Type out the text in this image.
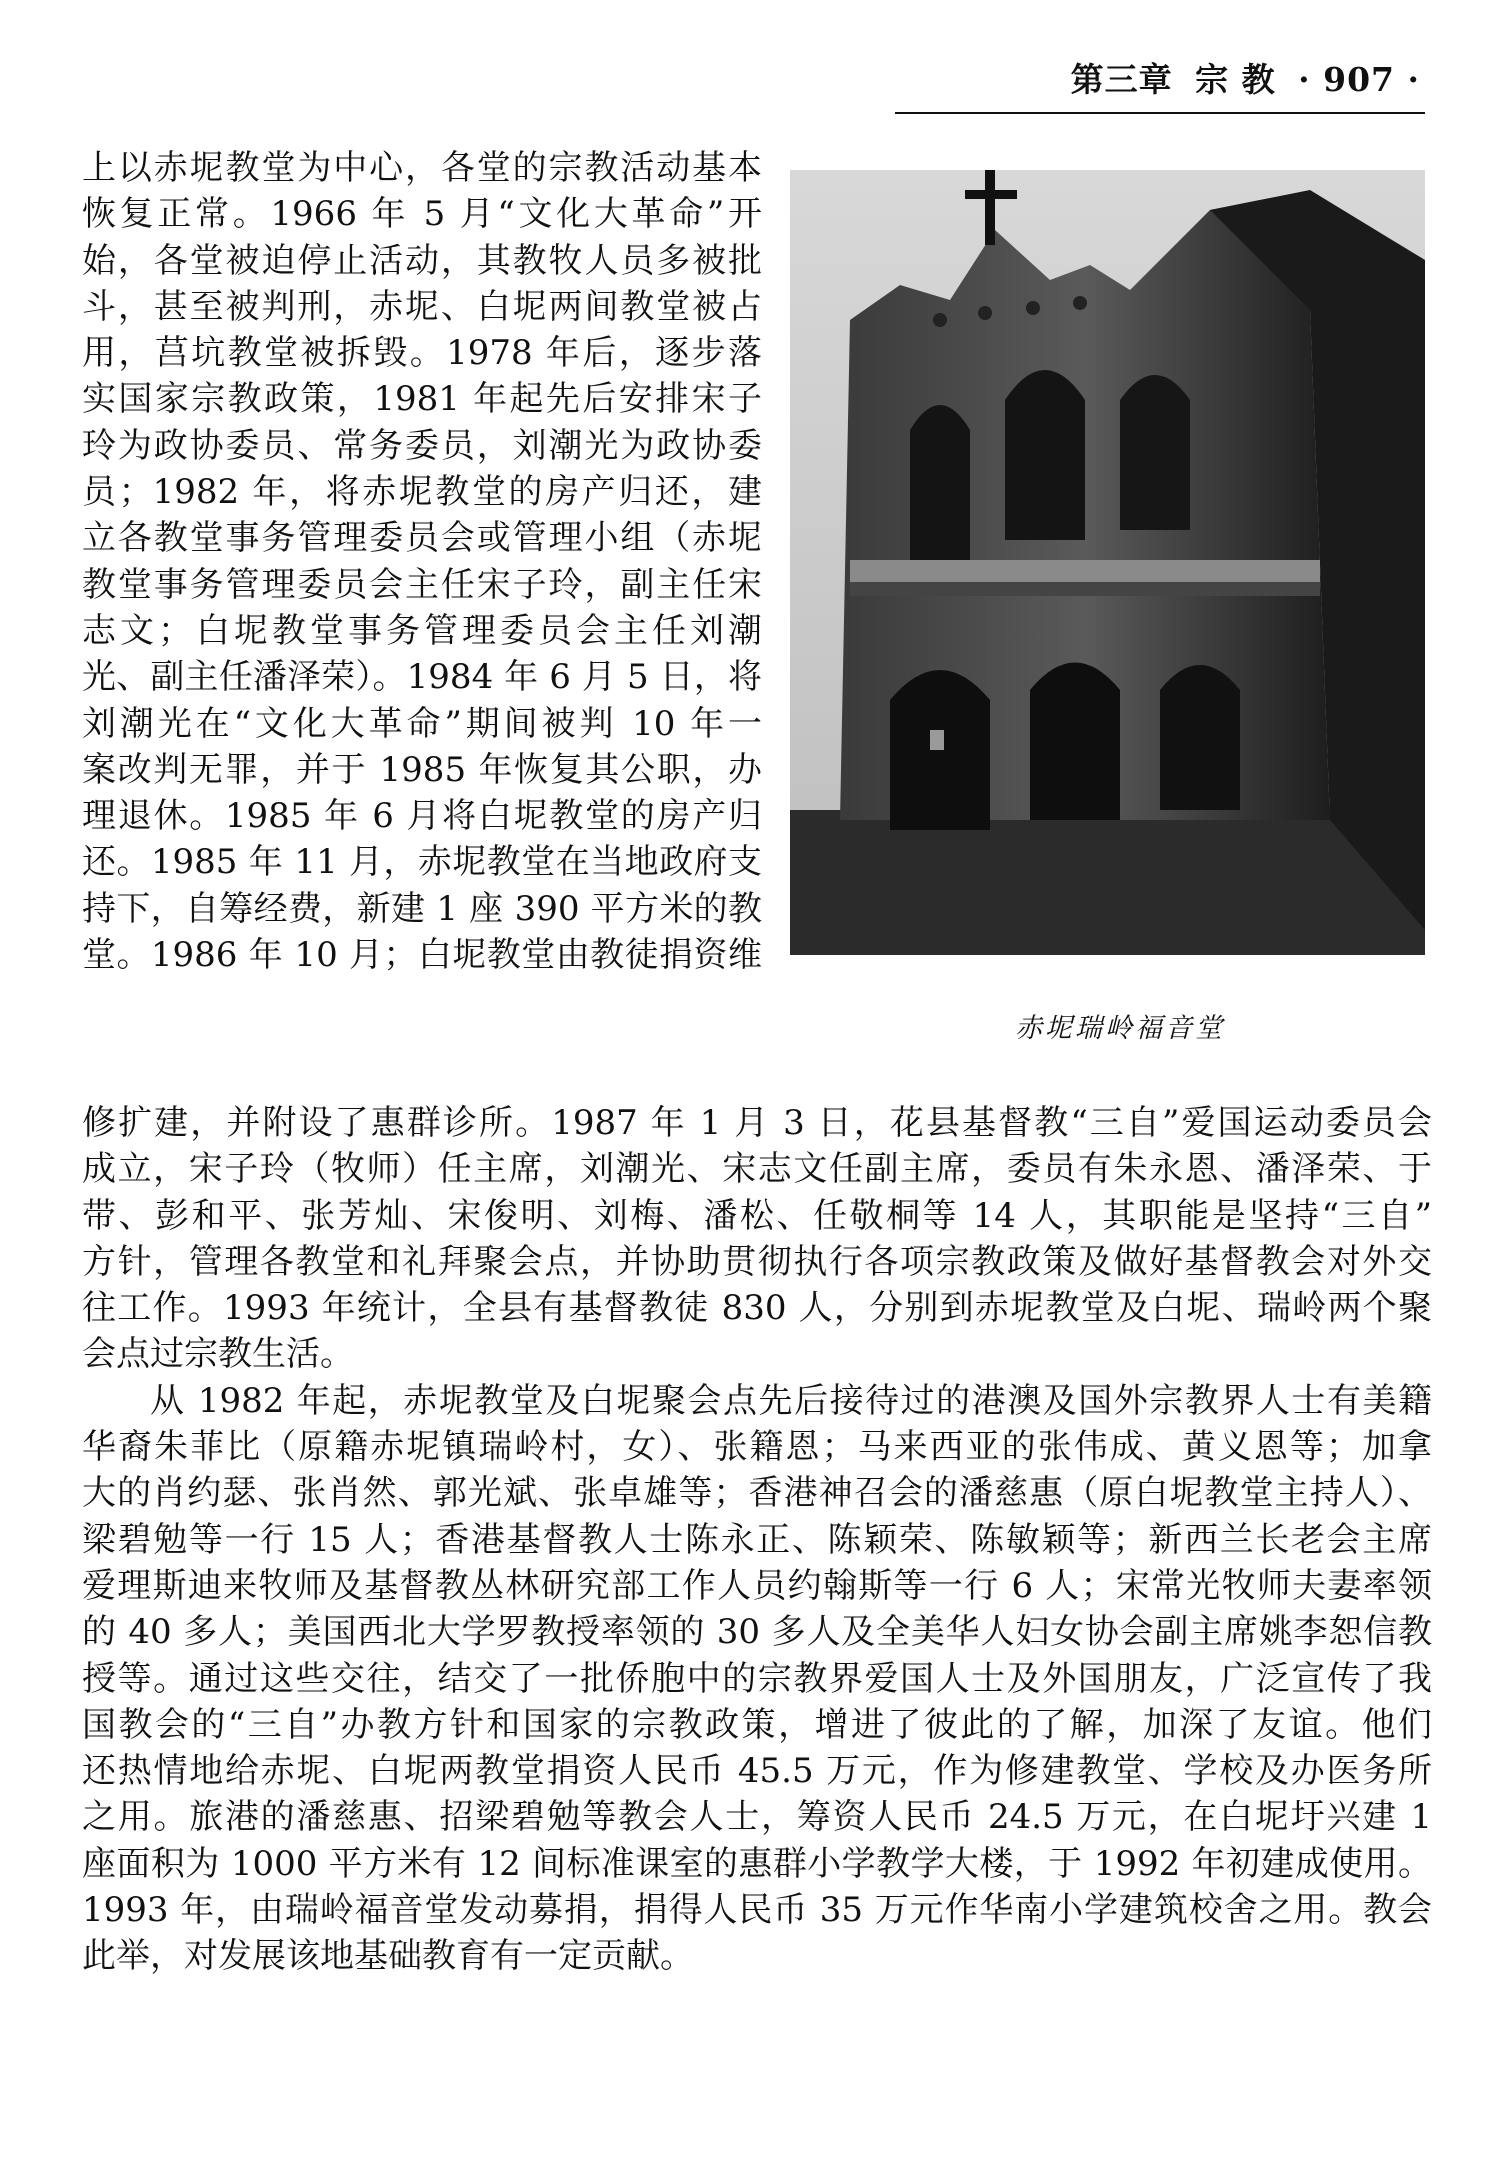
第三章 宗 教 · 907 ·
上以赤坭教堂为中心，各堂的宗教活动基本
恢复正常。1966 年 5 月“文化大革命”开
始，各堂被迫停止活动，其教牧人员多被批
斗，甚至被判刑，赤坭、白坭两间教堂被占
用，莒坑教堂被拆毁。1978 年后，逐步落
实国家宗教政策，1981 年起先后安排宋子
玲为政协委员、常务委员，刘潮光为政协委
员；1982 年，将赤坭教堂的房产归还，建
立各教堂事务管理委员会或管理小组（赤坭
教堂事务管理委员会主任宋子玲，副主任宋
志文；白坭教堂事务管理委员会主任刘潮
光、副主任潘泽荣）。1984 年 6 月 5 日，将
刘潮光在“文化大革命”期间被判 10 年一
案改判无罪，并于 1985 年恢复其公职，办
理退休。1985 年 6 月将白坭教堂的房产归
还。1985 年 11 月，赤坭教堂在当地政府支
持下，自筹经费，新建 1 座 390 平方米的教
堂。1986 年 10 月；白坭教堂由教徒捐资维
赤坭瑞岭福音堂
修扩建，并附设了惠群诊所。1987 年 1 月 3 日，花县基督教“三自”爱国运动委员会
成立，宋子玲（牧师）任主席，刘潮光、宋志文任副主席，委员有朱永恩、潘泽荣、于
带、彭和平、张芳灿、宋俊明、刘梅、潘松、任敬桐等 14 人，其职能是坚持“三自”
方针，管理各教堂和礼拜聚会点，并协助贯彻执行各项宗教政策及做好基督教会对外交
往工作。1993 年统计，全县有基督教徒 830 人，分别到赤坭教堂及白坭、瑞岭两个聚
会点过宗教生活。
从 1982 年起，赤坭教堂及白坭聚会点先后接待过的港澳及国外宗教界人士有美籍
华裔朱菲比（原籍赤坭镇瑞岭村，女）、张籍恩；马来西亚的张伟成、黄义恩等；加拿
大的肖约瑟、张肖然、郭光斌、张卓雄等；香港神召会的潘慈惠（原白坭教堂主持人）、
梁碧勉等一行 15 人；香港基督教人士陈永正、陈颖荣、陈敏颖等；新西兰长老会主席
爱理斯迪来牧师及基督教丛林研究部工作人员约翰斯等一行 6 人；宋常光牧师夫妻率领
的 40 多人；美国西北大学罗教授率领的 30 多人及全美华人妇女协会副主席姚李恕信教
授等。通过这些交往，结交了一批侨胞中的宗教界爱国人士及外国朋友，广泛宣传了我
国教会的“三自”办教方针和国家的宗教政策，增进了彼此的了解，加深了友谊。他们
还热情地给赤坭、白坭两教堂捐资人民币 45.5 万元，作为修建教堂、学校及办医务所
之用。旅港的潘慈惠、招梁碧勉等教会人士，筹资人民币 24.5 万元，在白坭圩兴建 1
座面积为 1000 平方米有 12 间标准课室的惠群小学教学大楼，于 1992 年初建成使用。
1993 年，由瑞岭福音堂发动募捐，捐得人民币 35 万元作华南小学建筑校舍之用。教会
此举，对发展该地基础教育有一定贡献。
